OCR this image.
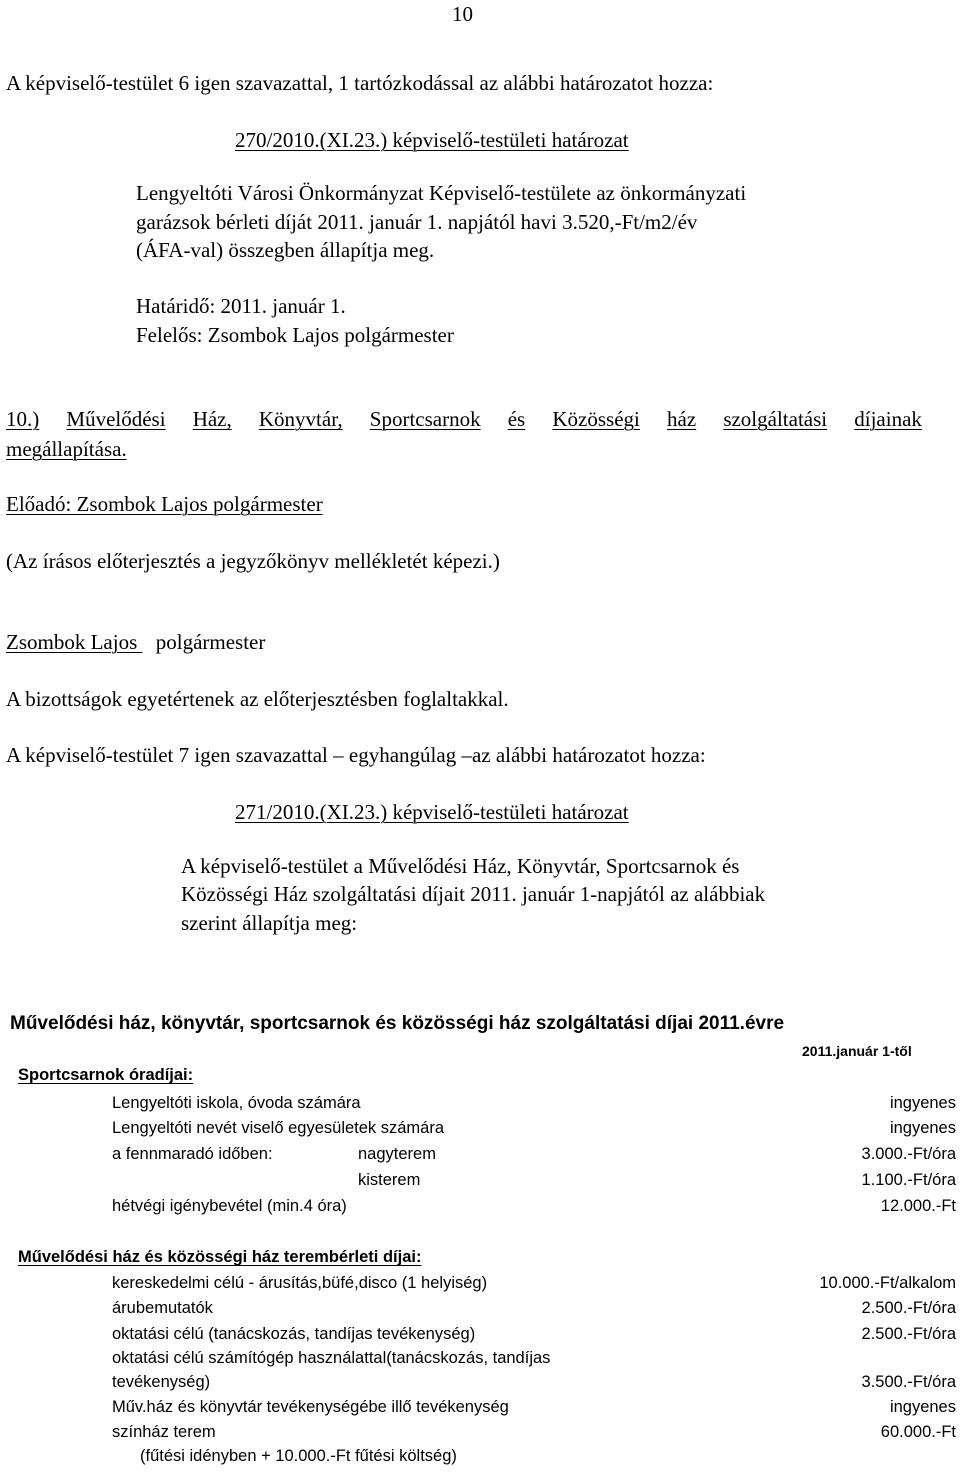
10
A képviselő-testület 6 igen szavazattal, 1 tartózkodással az alábbi határozatot hozza:
270/2010.(XI.23.) képviselő-testületi határozat
Lengyeltóti Városi Önkormányzat Képviselő-testülete az önkormányzati
garázsok bérleti díját 2011. január 1. napjától havi 3.520,-Ft/m2/év
(ÁFA-val) összegben állapítja meg.
Határidő: 2011. január 1.
Felelős: Zsombok Lajos polgármester
10.) Művelődési Ház, Könyvtár, Sportcsarnok és Közösségi ház szolgáltatási díjainak
megállapítása.
Előadó: Zsombok Lajos polgármester
(Az írásos előterjesztés a jegyzőkönyv mellékletét képezi.)
Zsombok Lajos  polgármester
A bizottságok egyetértenek az előterjesztésben foglaltakkal.
A képviselő-testület 7 igen szavazattal – egyhangúlag –az alábbi határozatot hozza:
271/2010.(XI.23.) képviselő-testületi határozat
A képviselő-testület a Művelődési Ház, Könyvtár, Sportcsarnok és
Közösségi Ház szolgáltatási díjait 2011. január 1-napjától az alábbiak
szerint állapítja meg:
Művelődési ház, könyvtár, sportcsarnok és közösségi ház szolgáltatási díjai 2011.évre
2011.január 1-től
Sportcsarnok óradíjai:
Lengyeltóti iskola, óvoda számára	ingyenes
Lengyeltóti nevét viselő egyesületek számára	ingyenes
a fennmaradó időben:	nagyterem	3.000.-Ft/óra
kisterem	1.100.-Ft/óra
hétvégi igénybevétel (min.4 óra)	12.000.-Ft
Művelődési ház és közösségi ház terembérleti díjai:
kereskedelmi célú - árusítás,büfé,disco (1 helyiség)	10.000.-Ft/alkalom
árubemutatók	2.500.-Ft/óra
oktatási célú (tanácskozás, tandíjas tevékenység)	2.500.-Ft/óra
oktatási célú számítógép használattal(tanácskozás, tandíjas
tevékenység)	3.500.-Ft/óra
Műv.ház és könyvtár tevékenységébe illő tevékenység	ingyenes
színház terem	60.000.-Ft
(fűtési idényben + 10.000.-Ft fűtési költség)
